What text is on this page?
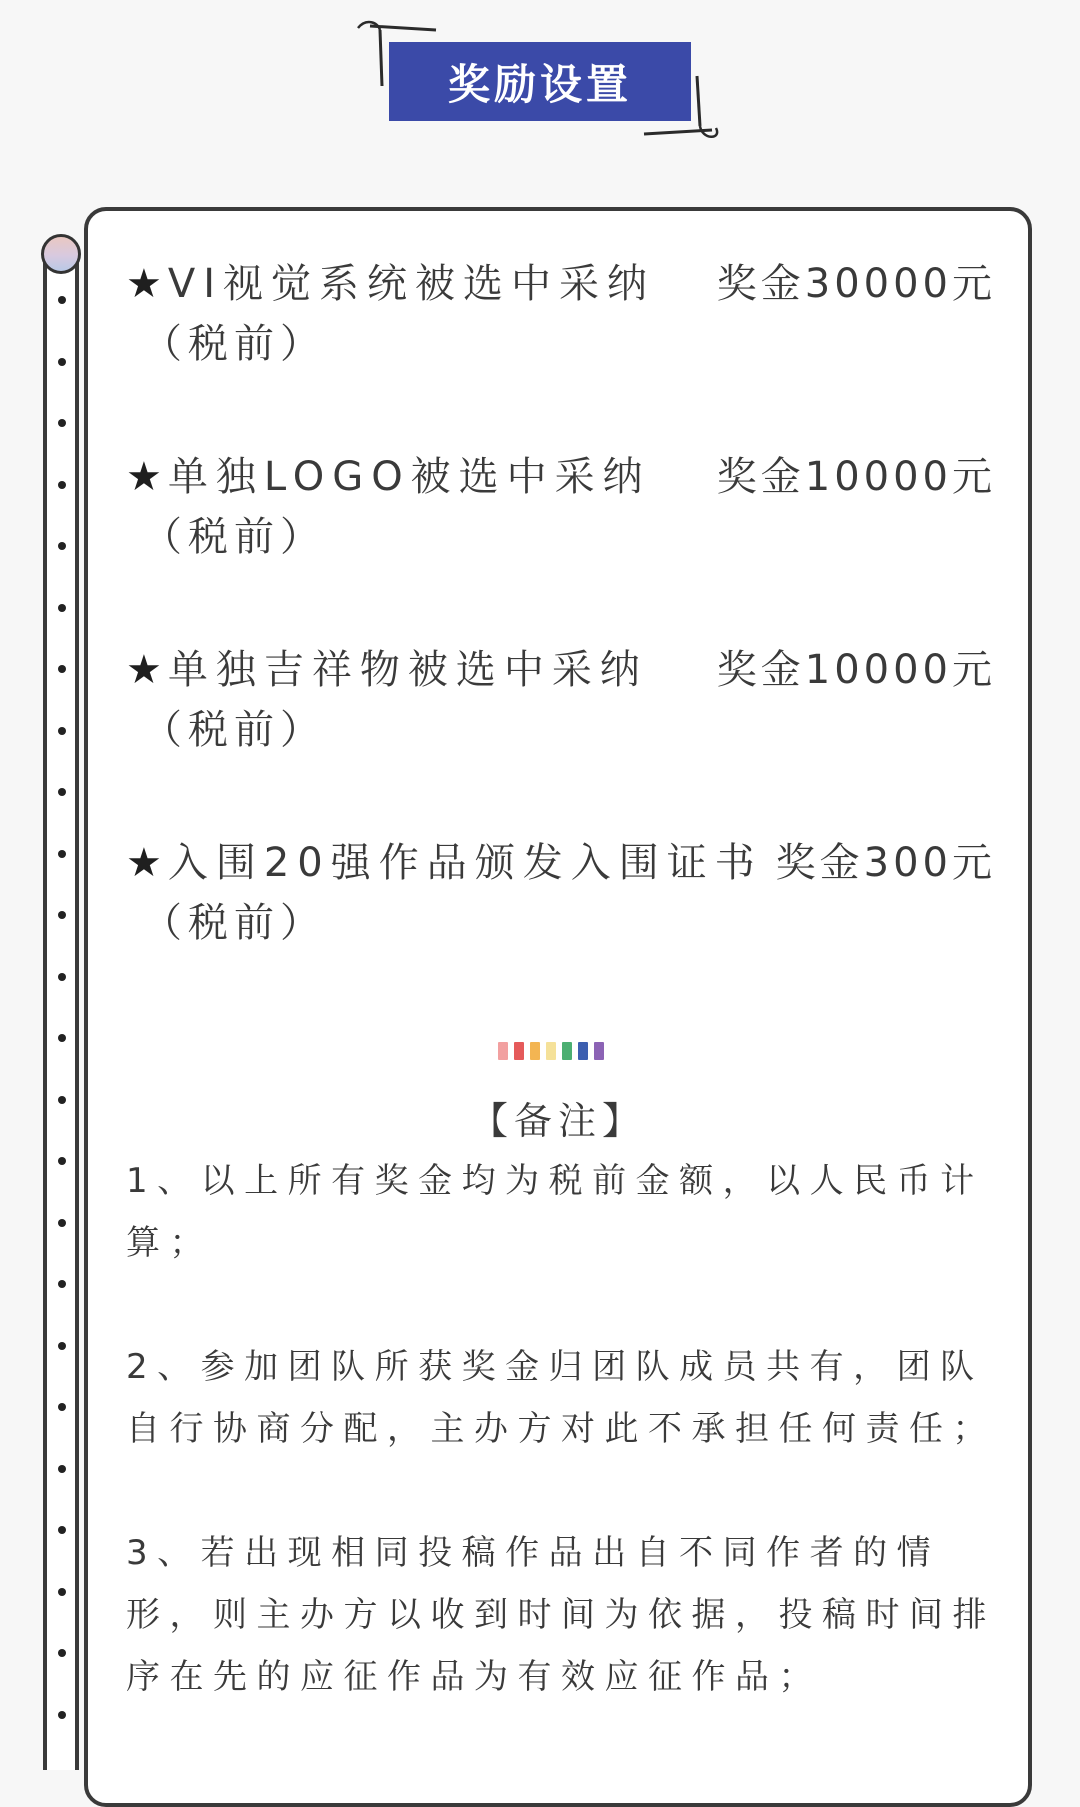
奖励设置
★ VI视觉系统被选中采纳 奖金30000元
（税前）
★ 单独LOGO被选中采纳 奖金10000元
（税前）
★ 单独吉祥物被选中采纳 奖金10000元
（税前）
★ 入围20强作品颁发入围证书 奖金300元
（税前）
【备注】

1、以上所有奖金均为税前金额，以人民币计算；

2、参加团队所获奖金归团队成员共有，团队自行协商分配，主办方对此不承担任何责任；

3、若出现相同投稿作品出自不同作者的情形，则主办方以收到时间为依据，投稿时间排序在先的应征作品为有效应征作品；
